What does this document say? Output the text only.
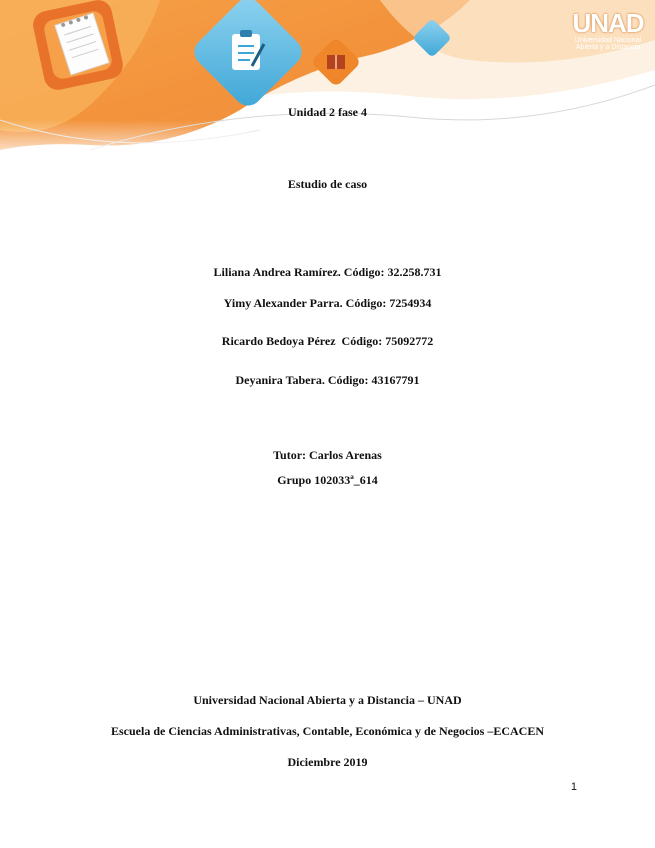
UNAD
Universidad Nacional
Abierta y a Distancia
Unidad 2 fase 4
Estudio de caso
Liliana Andrea Ramírez. Código: 32.258.731
Yimy Alexander Parra. Código: 7254934
Ricardo Bedoya Pérez  Código: 75092772
Deyanira Tabera. Código: 43167791
Tutor: Carlos Arenas
Grupo 102033ª_614
Universidad Nacional Abierta y a Distancia – UNAD
Escuela de Ciencias Administrativas, Contable, Económica y de Negocios –ECACEN
Diciembre 2019
1
